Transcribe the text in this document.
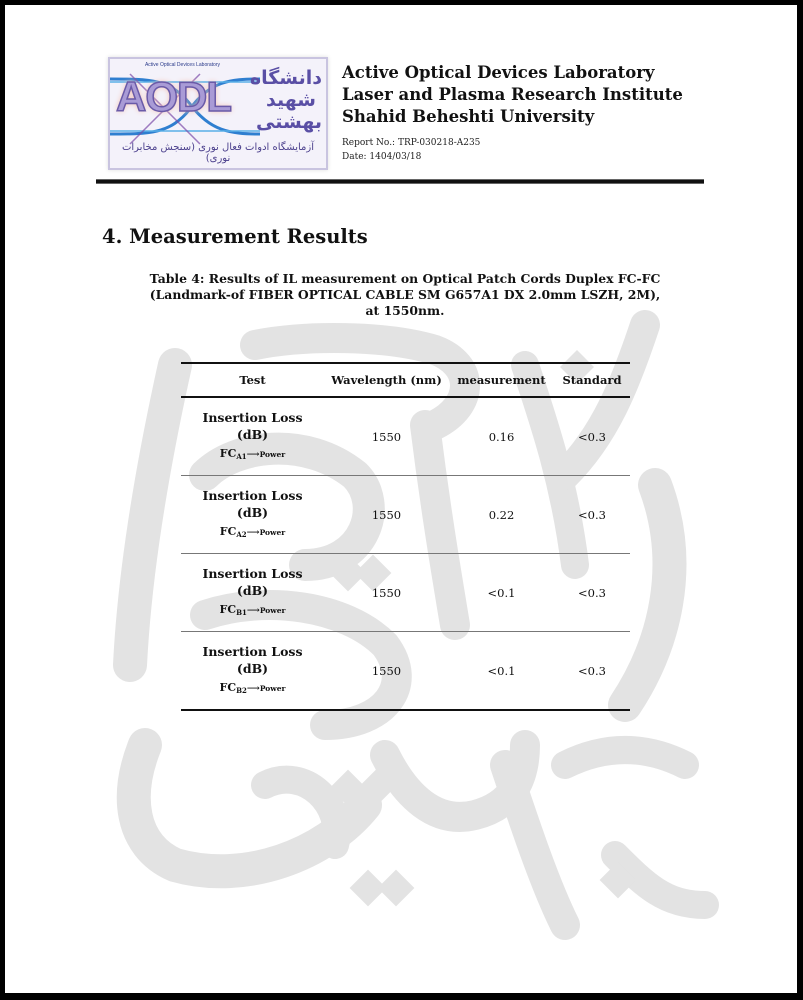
Active Optical Devices Laboratory
AODL دانشگاه شهید بهشتی
آزمایشگاه ادوات فعال نوری (سنجش مخابرات نوری)
Active Optical Devices Laboratory
Laser and Plasma Research Institute
Shahid Beheshti University
Report No.: TRP-030218-A235
Date: 1404/03/18
4. Measurement Results
Table 4: Results of IL measurement on Optical Patch Cords Duplex FC-FC
(Landmark-of FIBER OPTICAL CABLE SM G657A1 DX 2.0mm LSZH, 2M),
at 1550nm.
Test	Wavelength (nm)	measurement	Standard

Insertion Loss
(dB)
$FC_{A1}⟶Power$	1550	0.16	<0.3

Insertion Loss
(dB)
$FC_{A2}⟶Power$	1550	0.22	<0.3

Insertion Loss
(dB)
$FC_{B1}⟶Power$	1550	<0.1	<0.3

Insertion Loss
(dB)
$FC_{B2}⟶Power$	1550	<0.1	<0.3
